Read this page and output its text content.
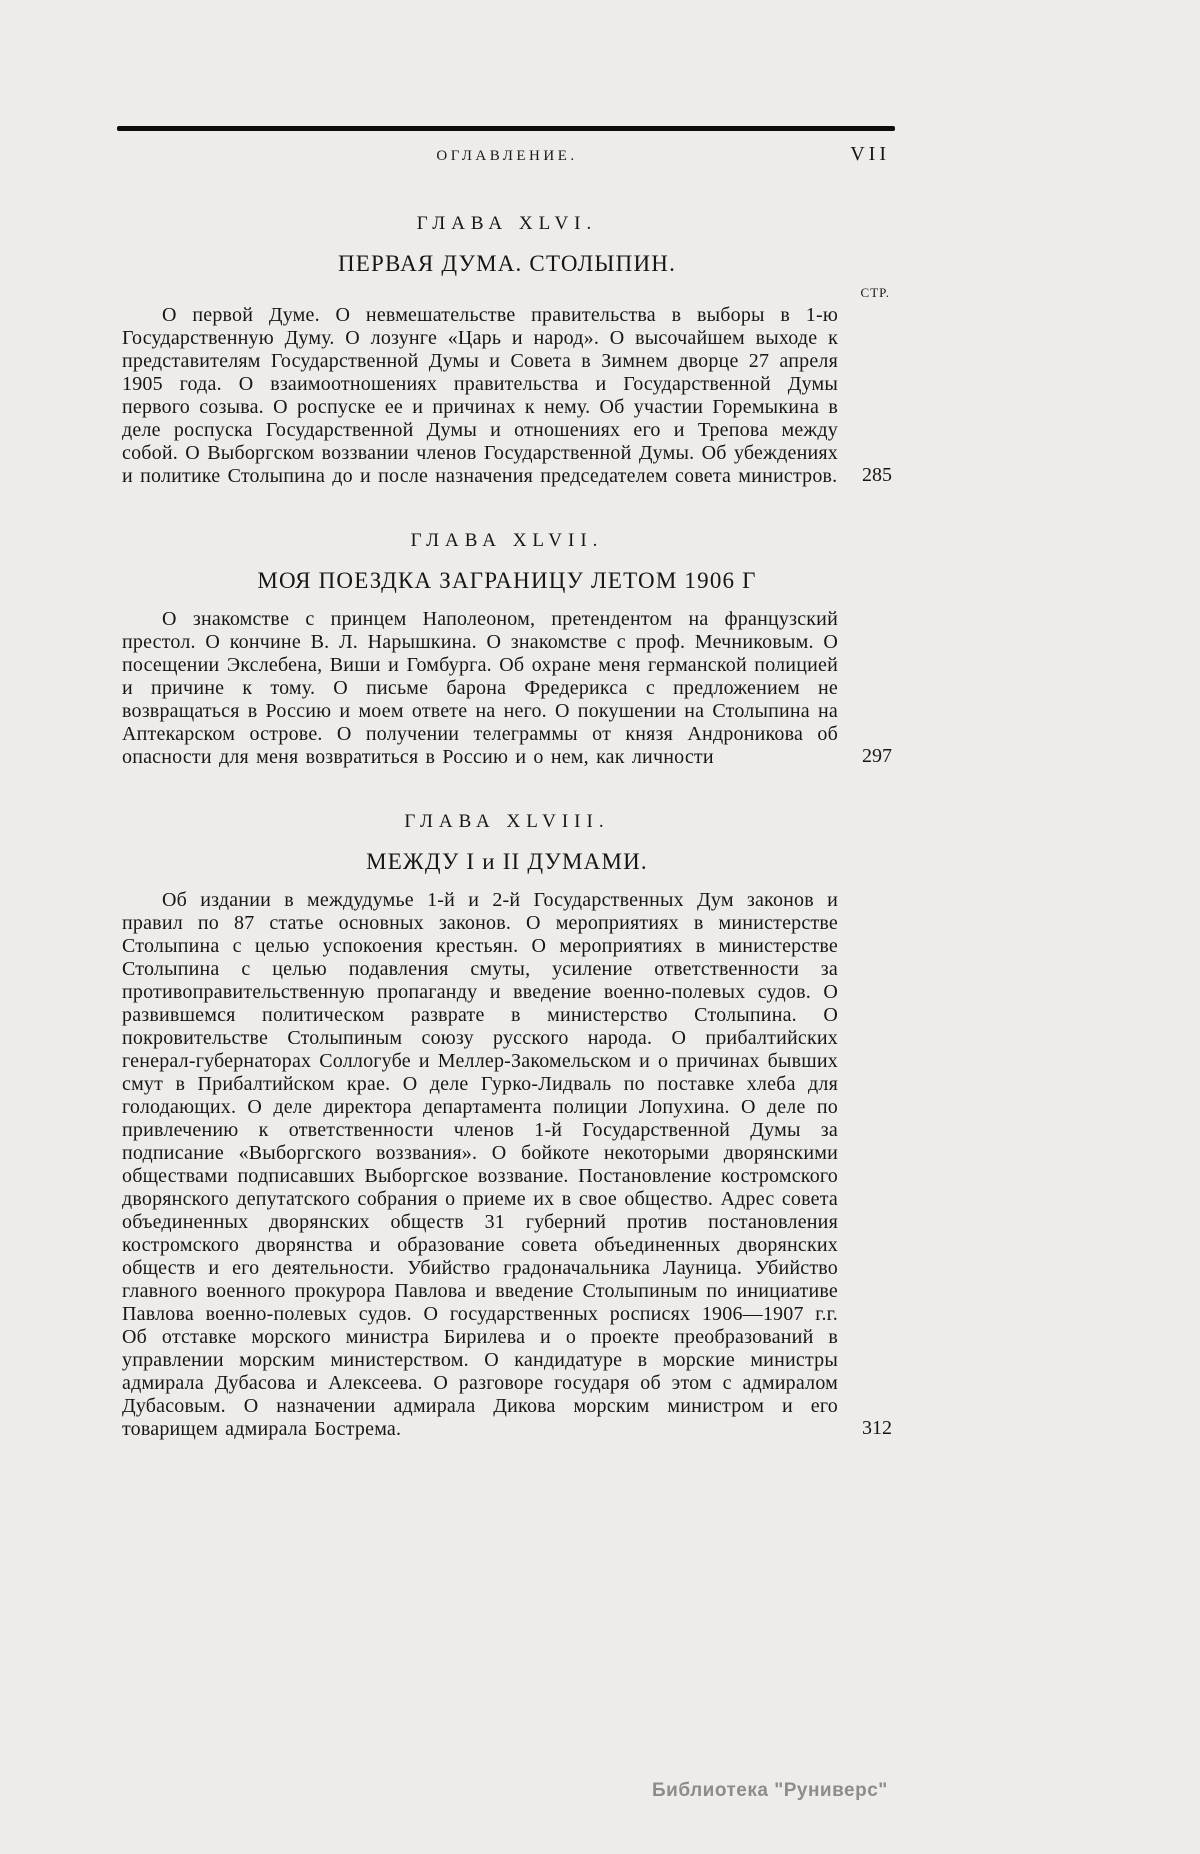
ОГЛАВЛЕНИЕ.	VII
ГЛАВА XLVI.
ПЕРВАЯ ДУМА. СТОЛЫПИН.
СТР.

О первой Думе. О невмешательстве правительства в выборы в 1-ю Государственную Думу. О лозунге «Царь и народ». О высочайшем выходе к представителям Государственной Думы и Совета в Зимнем дворце 27 апреля 1905 года. О взаимоотношениях правительства и Государственной Думы первого созыва. О роспуске ее и причинах к нему. Об участии Горемыкина в деле роспуска Государственной Думы и отношениях его и Трепова между собой. О Выборгском воззвании членов Государственной Думы. Об убеждениях и политике Столыпина до и после назначения председателем совета министров. 285
ГЛАВА XLVII.
МОЯ ПОЕЗДКА ЗАГРАНИЦУ ЛЕТОМ 1906 Г

О знакомстве с принцем Наполеоном, претендентом на французский престол. О кончине В. Л. Нарышкина. О знакомстве с проф. Мечниковым. О посещении Экслебена, Виши и Гомбурга. Об охране меня германской полицией и причине к тому. О письме барона Фредерикса с предложением не возвращаться в Россию и моем ответе на него. О покушении на Столыпина на Аптекарском острове. О получении телеграммы от князя Андроникова об опасности для меня возвратиться в Россию и о нем, как личности	297
ГЛАВА XLVIII.
МЕЖДУ I и II ДУМАМИ.

Об издании в междудумье 1-й и 2-й Государственных Дум законов и правил по 87 статье основных законов. О мероприятиях в министерстве Столыпина с целью успокоения крестьян. О мероприятиях в министерстве Столыпина с целью подавления смуты, усиление ответственности за противоправительственную пропаганду и введение военно-полевых судов. О развившемся политическом разврате в министерство Столыпина. О покровительстве Столыпиным союзу русского народа. О прибалтийских генерал-губернаторах Соллогубе и Меллер-Закомельском и о причинах бывших смут в Прибалтийском крае. О деле Гурко-Лидваль по поставке хлеба для голодающих. О деле директора департамента полиции Лопухина. О деле по привлечению к ответственности членов 1-й Государственной Думы за подписание «Выборгского воззвания». О бойкоте некоторыми дворянскими обществами подписавших Выборгское воззвание. Постановление костромского дворянского депутатского собрания о приеме их в свое общество. Адрес совета объединенных дворянских обществ 31 губерний против постановления костромского дворянства и образование совета объединенных дворянских обществ и его деятельности. Убийство градоначальника Лауница. Убийство главного военного прокурора Павлова и введение Столыпиным по инициативе Павлова военно-полевых судов. О государственных росписях 1906—1907 г.г. Об отставке морского министра Бирилева и о проекте преобразований в управлении морским министерством. О кандидатуре в морские министры адмирала Дубасова и Алексеева. О разговоре государя об этом с адмиралом Дубасовым. О назначении адмирала Дикова морским министром и его товарищем адмирала Бострема.	312
Библиотека "Руниверс"
